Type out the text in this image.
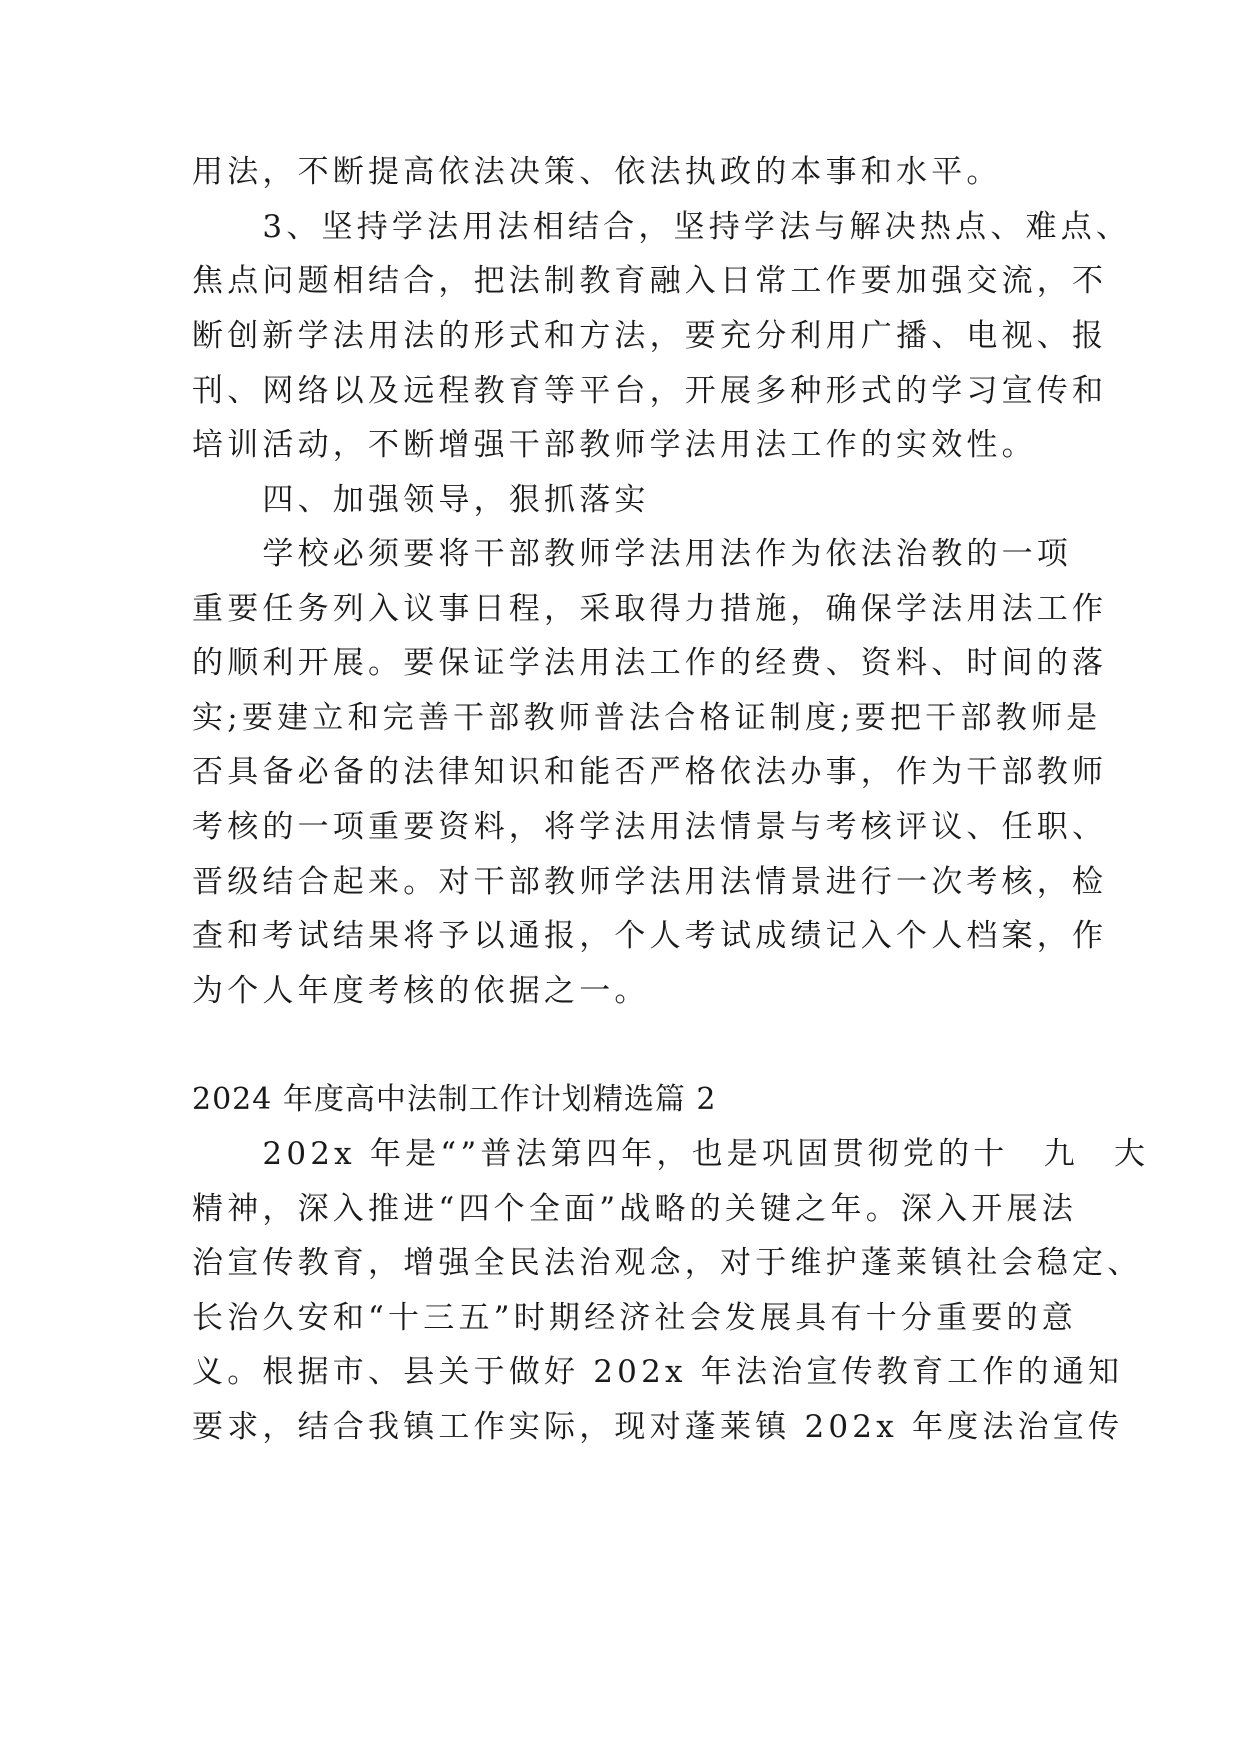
用法，不断提高依法决策、依法执政的本事和水平。
　　3、坚持学法用法相结合，坚持学法与解决热点、难点、
焦点问题相结合，把法制教育融入日常工作要加强交流，不
断创新学法用法的形式和方法，要充分利用广播、电视、报
刊、网络以及远程教育等平台，开展多种形式的学习宣传和
培训活动，不断增强干部教师学法用法工作的实效性。
　　四、加强领导，狠抓落实
　　学校必须要将干部教师学法用法作为依法治教的一项
重要任务列入议事日程，采取得力措施，确保学法用法工作
的顺利开展。要保证学法用法工作的经费、资料、时间的落
实;要建立和完善干部教师普法合格证制度;要把干部教师是
否具备必备的法律知识和能否严格依法办事，作为干部教师
考核的一项重要资料，将学法用法情景与考核评议、任职、
晋级结合起来。对干部教师学法用法情景进行一次考核，检
查和考试结果将予以通报，个人考试成绩记入个人档案，作
为个人年度考核的依据之一。
2024 年度高中法制工作计划精选篇 2
　　202x 年是“”普法第四年，也是巩固贯彻党的十　九　大
精神，深入推进“四个全面”战略的关键之年。深入开展法
治宣传教育，增强全民法治观念，对于维护蓬莱镇社会稳定、
长治久安和“十三五”时期经济社会发展具有十分重要的意
义。根据市、县关于做好 202x 年法治宣传教育工作的通知
要求，结合我镇工作实际，现对蓬莱镇 202x 年度法治宣传
